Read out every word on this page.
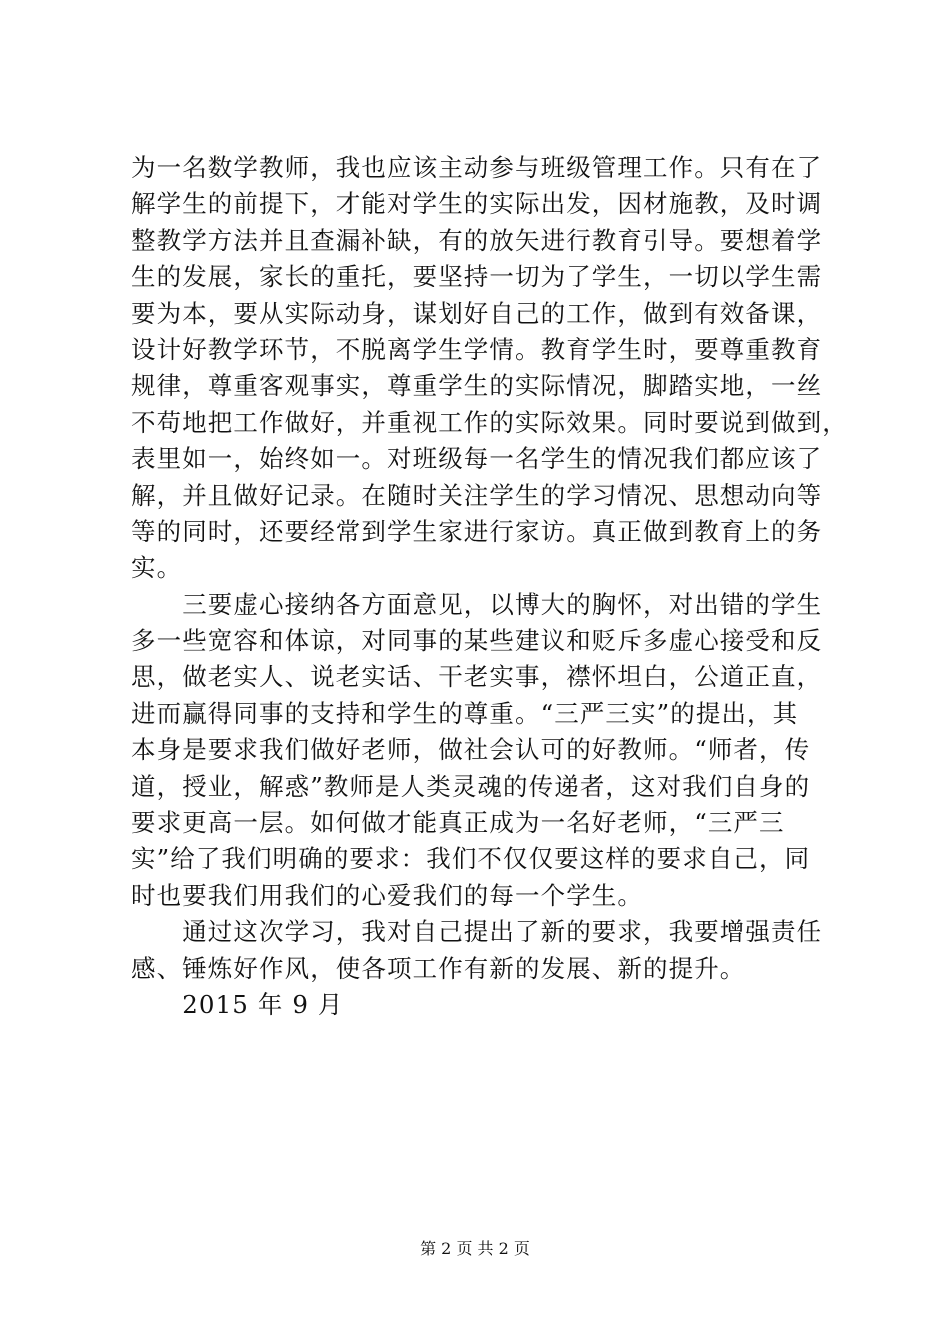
为一名数学教师，我也应该主动参与班级管理工作。只有在了
解学生的前提下，才能对学生的实际出发，因材施教，及时调
整教学方法并且查漏补缺，有的放矢进行教育引导。要想着学
生的发展，家长的重托，要坚持一切为了学生，一切以学生需
要为本，要从实际动身，谋划好自己的工作，做到有效备课，
设计好教学环节，不脱离学生学情。教育学生时，要尊重教育
规律，尊重客观事实，尊重学生的实际情况，脚踏实地，一丝
不苟地把工作做好，并重视工作的实际效果。同时要说到做到，
表里如一，始终如一。对班级每一名学生的情况我们都应该了
解，并且做好记录。在随时关注学生的学习情况、思想动向等
等的同时，还要经常到学生家进行家访。真正做到教育上的务
实。
　　三要虚心接纳各方面意见，以博大的胸怀，对出错的学生
多一些宽容和体谅，对同事的某些建议和贬斥多虚心接受和反
思，做老实人、说老实话、干老实事，襟怀坦白，公道正直，
进而赢得同事的支持和学生的尊重。“三严三实”的提出，其
本身是要求我们做好老师，做社会认可的好教师。“师者，传
道，授业，解惑”教师是人类灵魂的传递者，这对我们自身的
要求更高一层。如何做才能真正成为一名好老师，“三严三
实”给了我们明确的要求：我们不仅仅要这样的要求自己，同
时也要我们用我们的心爱我们的每一个学生。
　　通过这次学习，我对自己提出了新的要求，我要增强责任
感、锤炼好作风，使各项工作有新的发展、新的提升。
　　2015 年 9 月
第 2 页 共 2 页
